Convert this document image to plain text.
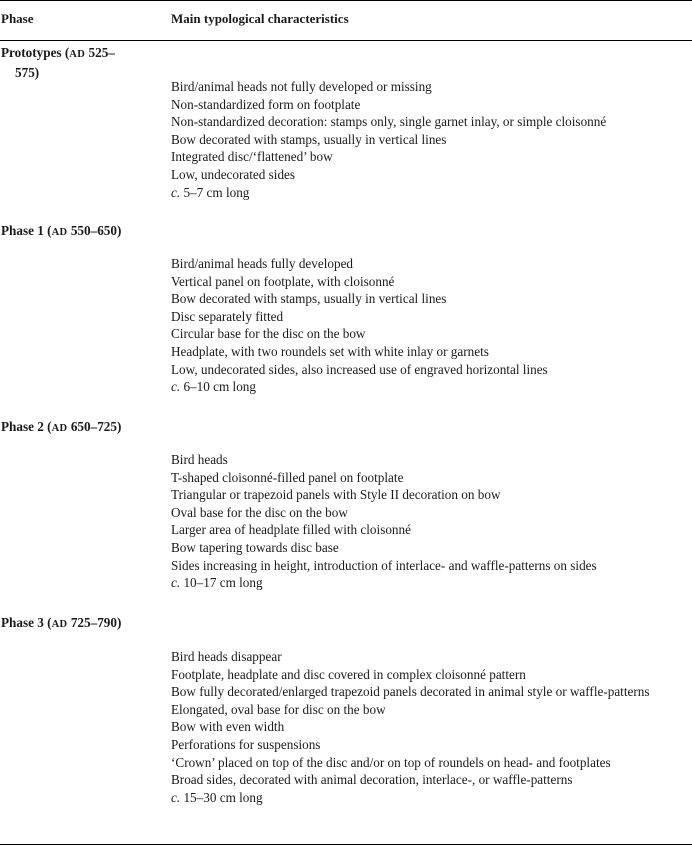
Phase	Main typological characteristics
Prototypes (AD 525–
575)
Bird/animal heads not fully developed or missing
Non-standardized form on footplate
Non-standardized decoration: stamps only, single garnet inlay, or simple cloisonné
Bow decorated with stamps, usually in vertical lines
Integrated disc/‘flattened’ bow
Low, undecorated sides
c. 5–7 cm long
Phase 1 (AD 550–650)
Bird/animal heads fully developed
Vertical panel on footplate, with cloisonné
Bow decorated with stamps, usually in vertical lines
Disc separately fitted
Circular base for the disc on the bow
Headplate, with two roundels set with white inlay or garnets
Low, undecorated sides, also increased use of engraved horizontal lines
c. 6–10 cm long
Phase 2 (AD 650–725)
Bird heads
T-shaped cloisonné-filled panel on footplate
Triangular or trapezoid panels with Style II decoration on bow
Oval base for the disc on the bow
Larger area of headplate filled with cloisonné
Bow tapering towards disc base
Sides increasing in height, introduction of interlace- and waffle-patterns on sides
c. 10–17 cm long
Phase 3 (AD 725–790)
Bird heads disappear
Footplate, headplate and disc covered in complex cloisonné pattern
Bow fully decorated/enlarged trapezoid panels decorated in animal style or waffle-patterns
Elongated, oval base for disc on the bow
Bow with even width
Perforations for suspensions
‘Crown’ placed on top of the disc and/or on top of roundels on head- and footplates
Broad sides, decorated with animal decoration, interlace-, or waffle-patterns
c. 15–30 cm long
